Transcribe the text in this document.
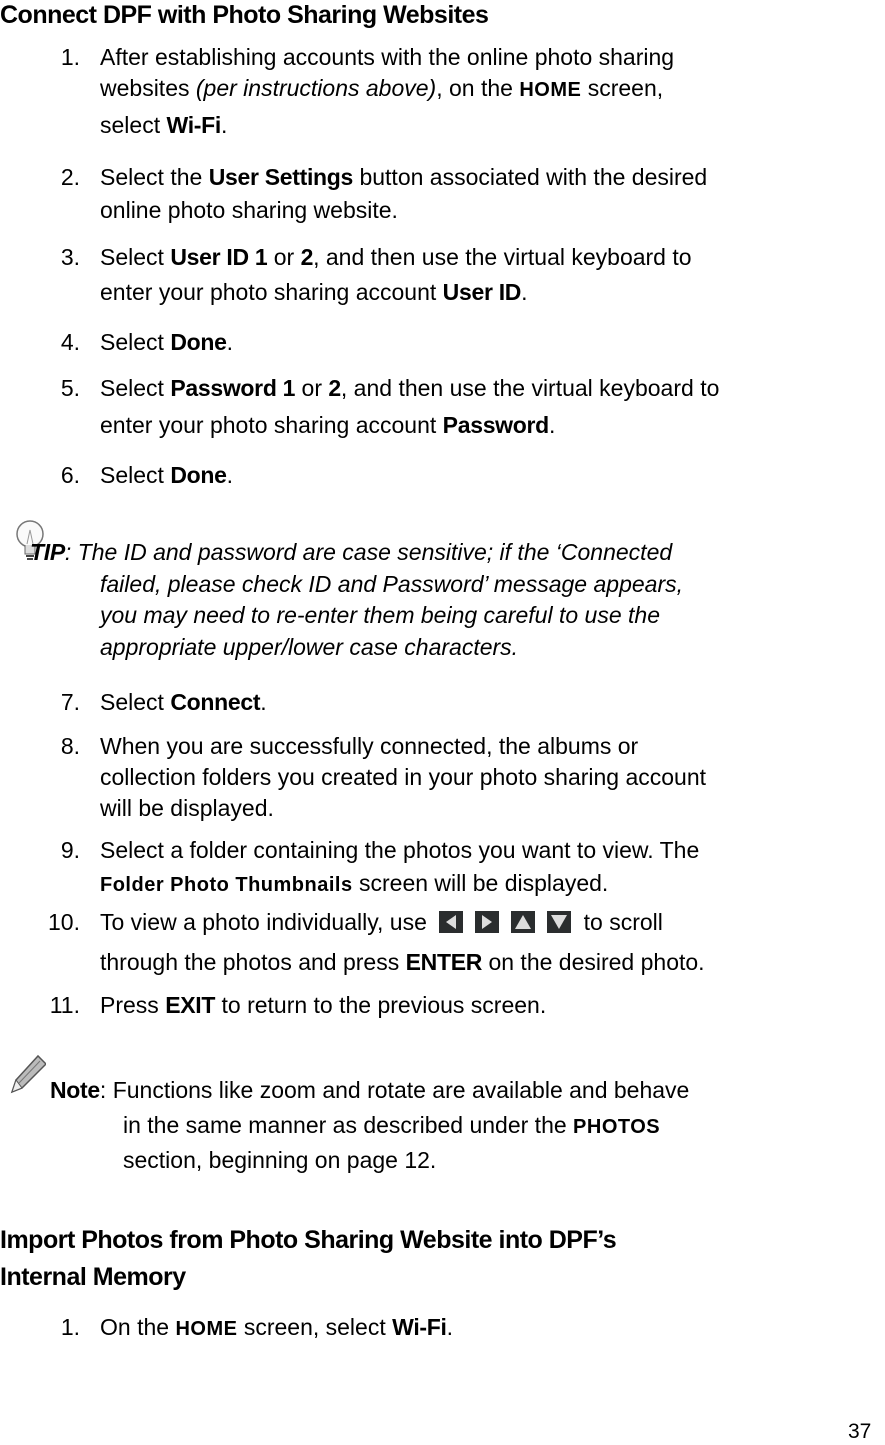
Connect DPF with Photo Sharing Websites
1. After establishing accounts with the online photo sharing
websites (per instructions above), on the HOME screen,
select Wi-Fi.
2. Select the User Settings button associated with the desired
online photo sharing website.
3. Select User ID 1 or 2, and then use the virtual keyboard to
enter your photo sharing account User ID.
4. Select Done.
5. Select Password 1 or 2, and then use the virtual keyboard to
enter your photo sharing account Password.
6. Select Done.
TIP: The ID and password are case sensitive; if the ‘Connected
failed, please check ID and Password’ message appears,
you may need to re-enter them being careful to use the
appropriate upper/lower case characters.
7. Select Connect.
8. When you are successfully connected, the albums or
collection folders you created in your photo sharing account
will be displayed.
9. Select a folder containing the photos you want to view. The
Folder Photo Thumbnails screen will be displayed.
10. To view a photo individually, use	to scroll
through the photos and press ENTER on the desired photo.
11. Press EXIT to return to the previous screen.
Note: Functions like zoom and rotate are available and behave
in the same manner as described under the PHOTOS
section, beginning on page 12.
Import Photos from Photo Sharing Website into DPF’s
Internal Memory
1. On the HOME screen, select Wi-Fi.
37
